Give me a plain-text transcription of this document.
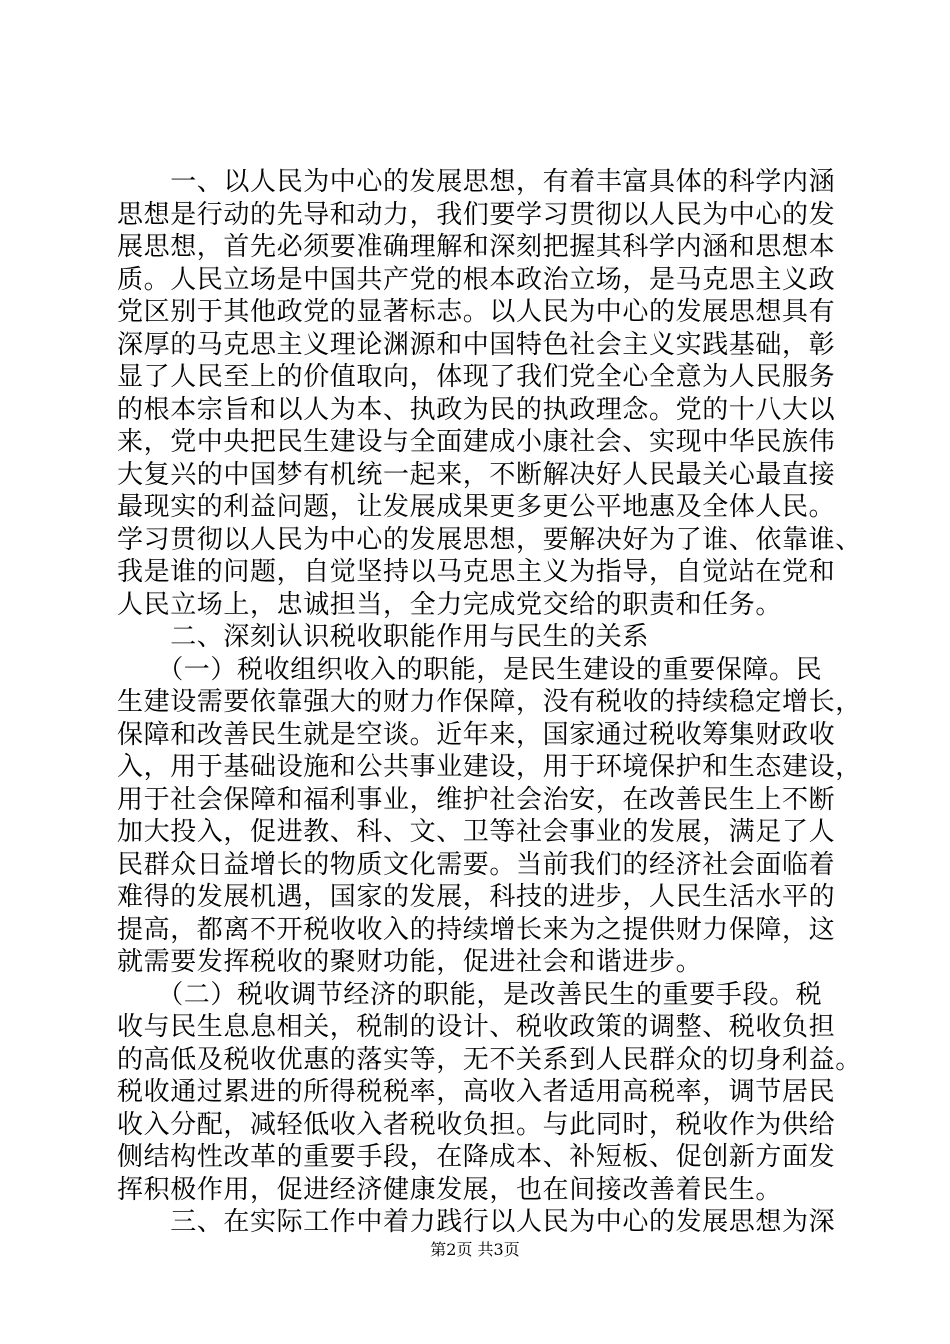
　　一、以人民为中心的发展思想，有着丰富具体的科学内涵
思想是行动的先导和动力，我们要学习贯彻以人民为中心的发
展思想，首先必须要准确理解和深刻把握其科学内涵和思想本
质。人民立场是中国共产党的根本政治立场，是马克思主义政
党区别于其他政党的显著标志。以人民为中心的发展思想具有
深厚的马克思主义理论渊源和中国特色社会主义实践基础，彰
显了人民至上的价值取向，体现了我们党全心全意为人民服务
的根本宗旨和以人为本、执政为民的执政理念。党的十八大以
来，党中央把民生建设与全面建成小康社会、实现中华民族伟
大复兴的中国梦有机统一起来，不断解决好人民最关心最直接
最现实的利益问题，让发展成果更多更公平地惠及全体人民。
学习贯彻以人民为中心的发展思想，要解决好为了谁、依靠谁、
我是谁的问题，自觉坚持以马克思主义为指导，自觉站在党和
人民立场上，忠诚担当，全力完成党交给的职责和任务。
　　二、深刻认识税收职能作用与民生的关系
　　（一）税收组织收入的职能，是民生建设的重要保障。民
生建设需要依靠强大的财力作保障，没有税收的持续稳定增长，
保障和改善民生就是空谈。近年来，国家通过税收筹集财政收
入，用于基础设施和公共事业建设，用于环境保护和生态建设，
用于社会保障和福利事业，维护社会治安，在改善民生上不断
加大投入，促进教、科、文、卫等社会事业的发展，满足了人
民群众日益增长的物质文化需要。当前我们的经济社会面临着
难得的发展机遇，国家的发展，科技的进步，人民生活水平的
提高，都离不开税收收入的持续增长来为之提供财力保障，这
就需要发挥税收的聚财功能，促进社会和谐进步。
　　（二）税收调节经济的职能，是改善民生的重要手段。税
收与民生息息相关，税制的设计、税收政策的调整、税收负担
的高低及税收优惠的落实等，无不关系到人民群众的切身利益。
税收通过累进的所得税税率，高收入者适用高税率，调节居民
收入分配，减轻低收入者税收负担。与此同时，税收作为供给
侧结构性改革的重要手段，在降成本、补短板、促创新方面发
挥积极作用，促进经济健康发展，也在间接改善着民生。
　　三、在实际工作中着力践行以人民为中心的发展思想为深
第2页 共3页
